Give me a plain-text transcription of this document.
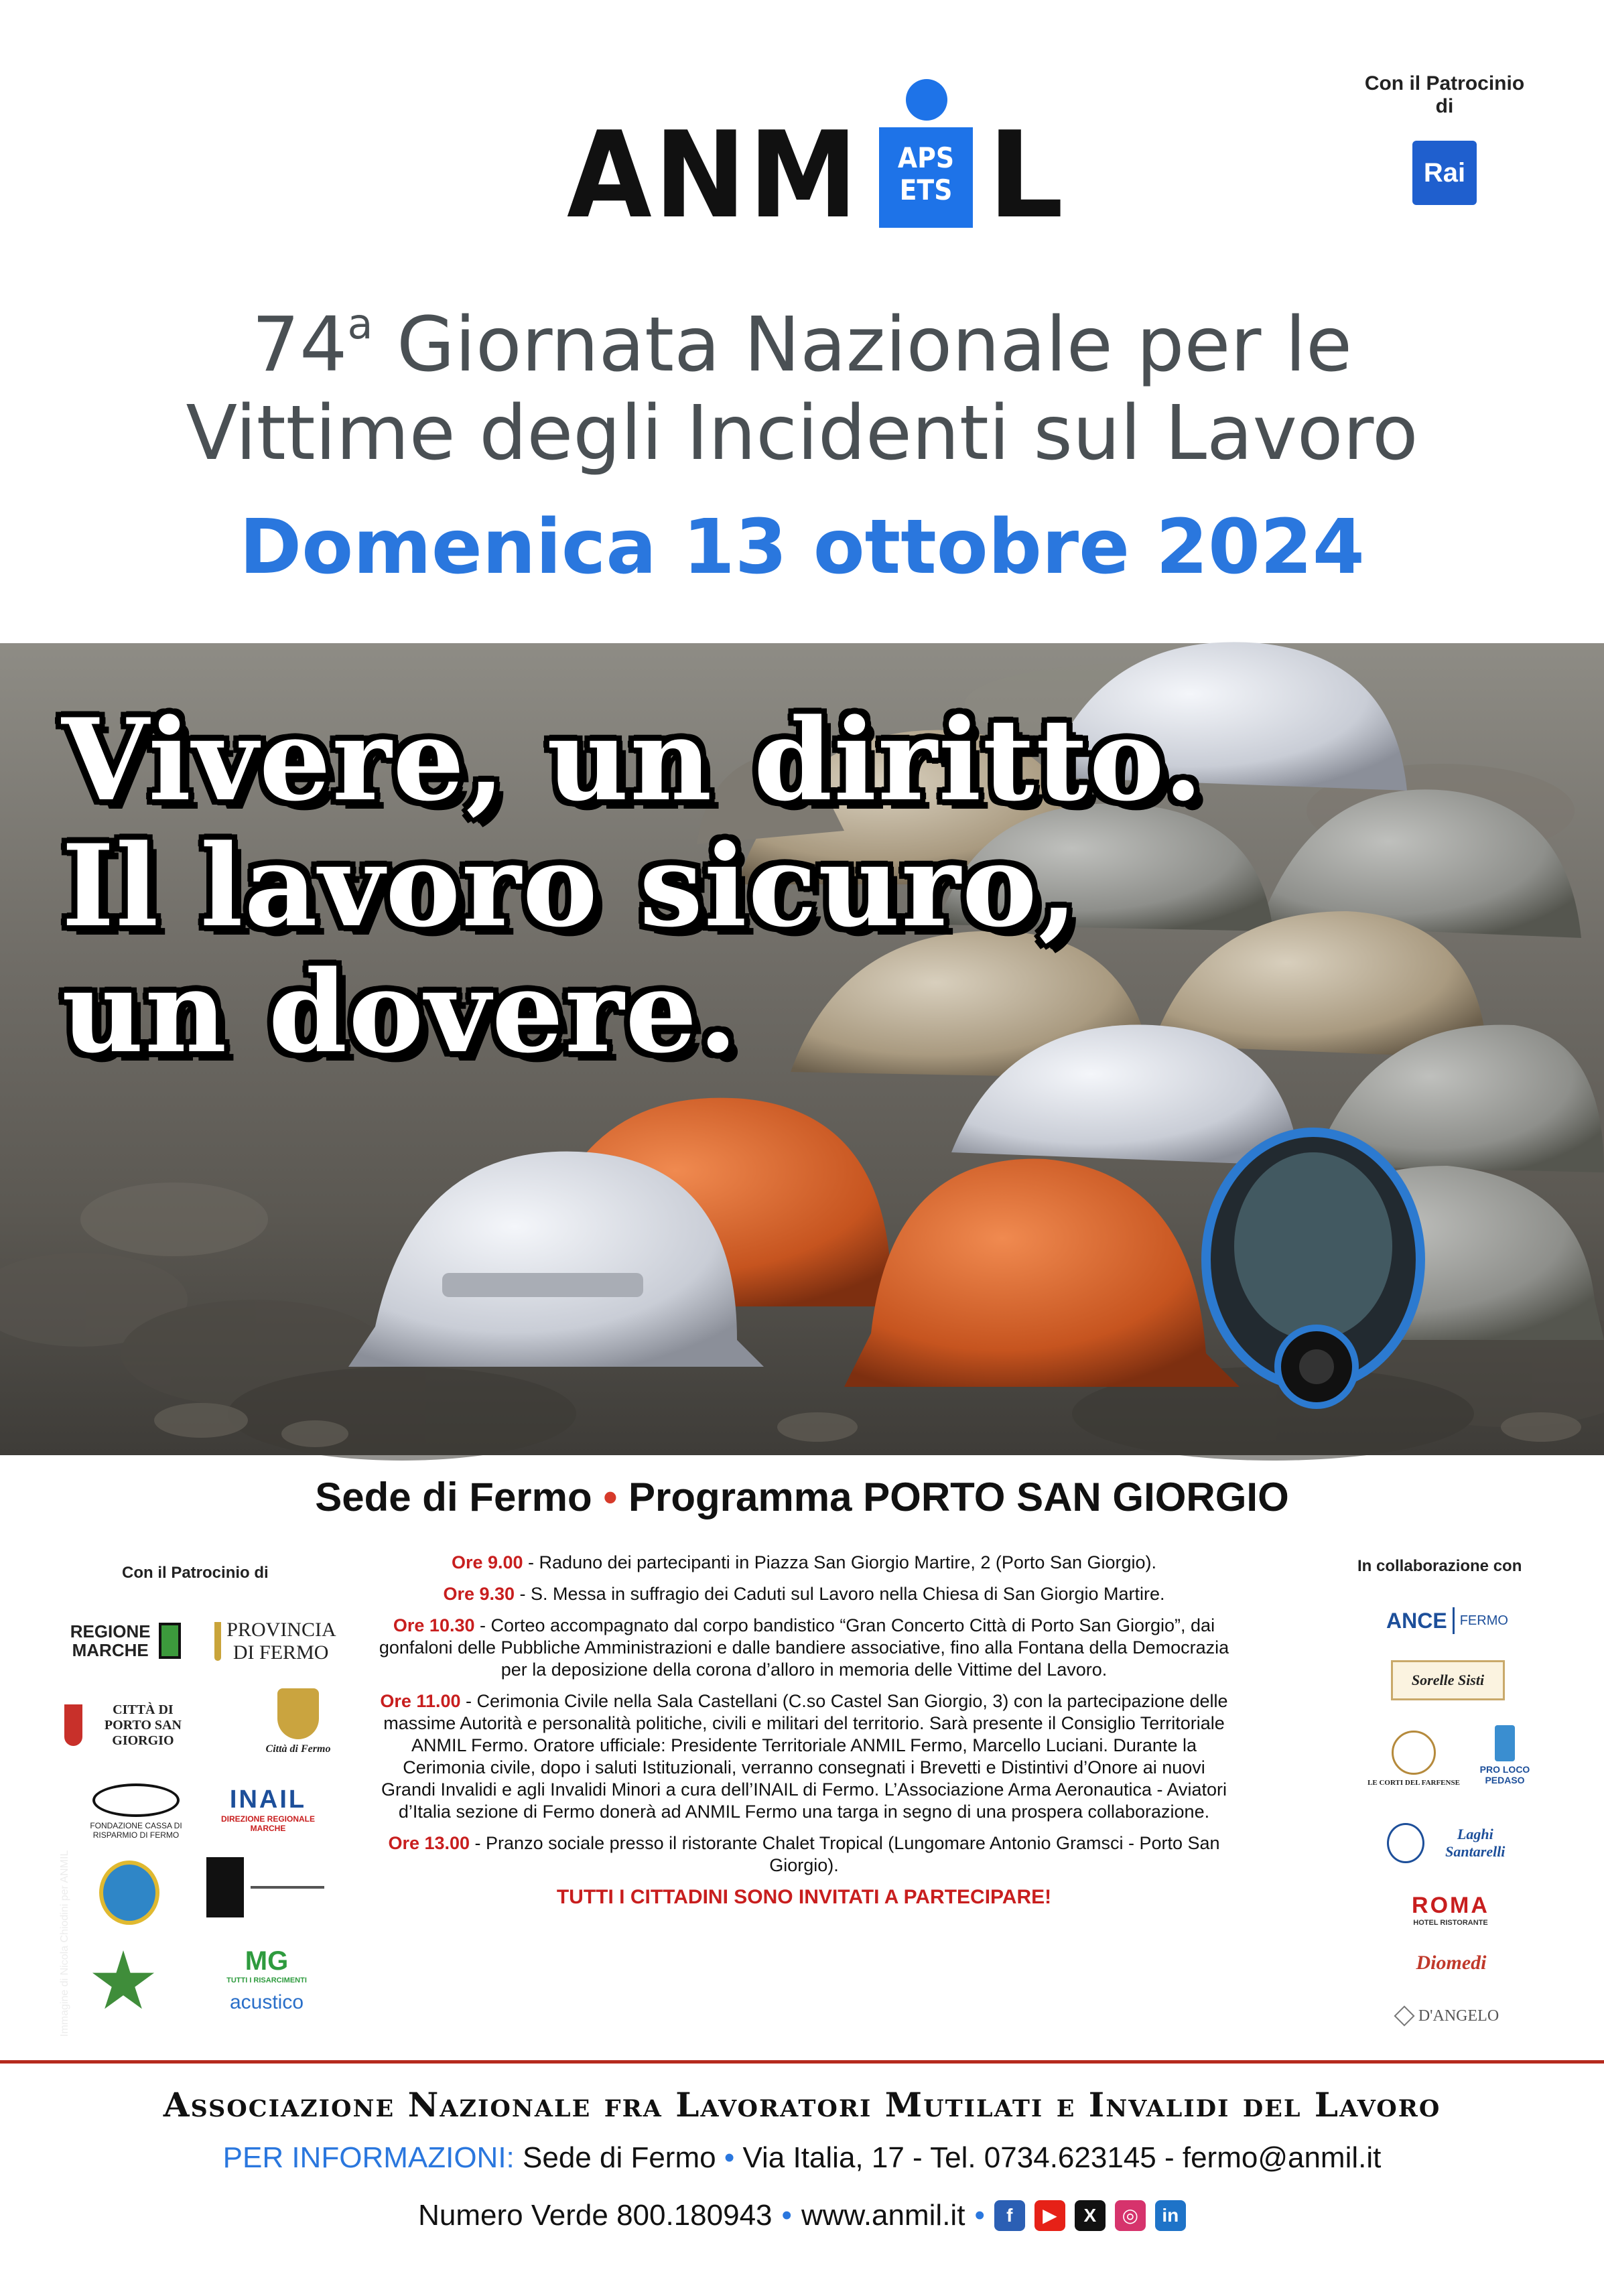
Con il Patrocinio di
Rai
ANM	APS
ETS L
74$^a$ Giornata Nazionale per le
Vittime degli Incidenti sul Lavoro
Domenica 13 ottobre 2024
Immagine di Nicola Chiodini per ANMIL
Vivere, un diritto.
Il lavoro sicuro,
un dovere.
Sede di Fermo • Programma PORTO SAN GIORGIO
Con il Patrocinio di
REGIONE MARCHE
PROVINCIA DI FERMO
CITTÀ DI PORTO SAN GIORGIO
Città di Fermo
FONDAZIONE CASSA DI RISPARMIO DI FERMO
INAIL
DIREZIONE REGIONALE MARCHE
MG
TUTTI I RISARCIMENTI
acustico

Ore 9.00 - Raduno dei partecipanti in Piazza San Giorgio Martire, 2 (Porto San Giorgio).

Ore 9.30 - S. Messa in suffragio dei Caduti sul Lavoro nella Chiesa di San Giorgio Martire.

Ore 10.30 - Corteo accompagnato dal corpo bandistico “Gran Concerto Città di Porto San Giorgio”, dai gonfaloni delle Pubbliche Amministrazioni e dalle bandiere associative, fino alla Fontana della Democrazia per la deposizione della corona d’alloro in memoria delle Vittime del Lavoro.

Ore 11.00 - Cerimonia Civile nella Sala Castellani (C.so Castel San Giorgio, 3) con la partecipazione delle massime Autorità e personalità politiche, civili e militari del territorio. Sarà presente il Consiglio Territoriale ANMIL Fermo. Oratore ufficiale: Presidente Territoriale ANMIL Fermo, Marcello Luciani. Durante la Cerimonia civile, dopo i saluti Istituzionali, verranno consegnati i Brevetti e Distintivi d’Onore ai nuovi Grandi Invalidi e agli Invalidi Minori a cura dell’INAIL di Fermo. L’Associazione Arma Aeronautica - Aviatori d’Italia sezione di Fermo donerà ad ANMIL Fermo una targa in segno di una prospera collaborazione.

Ore 13.00 - Pranzo sociale presso il ristorante Chalet Tropical (Lungomare Antonio Gramsci - Porto San Giorgio).

TUTTI I CITTADINI SONO INVITATI A PARTECIPARE!
In collaborazione con
ANCE FERMO
Sorelle Sisti
LE CORTI DEL FARFENSE
PRO LOCO PEDASO
Laghi Santarelli
ROMA
HOTEL RISTORANTE
Diomedi
D'ANGELO
Associazione Nazionale fra Lavoratori Mutilati e Invalidi del Lavoro
PER INFORMAZIONI: Sede di Fermo • Via Italia, 17 - Tel. 0734.623145 - fermo@anmil.it
Numero Verde 800.180943 • www.anmil.it •	f	▶	X	◎	in
